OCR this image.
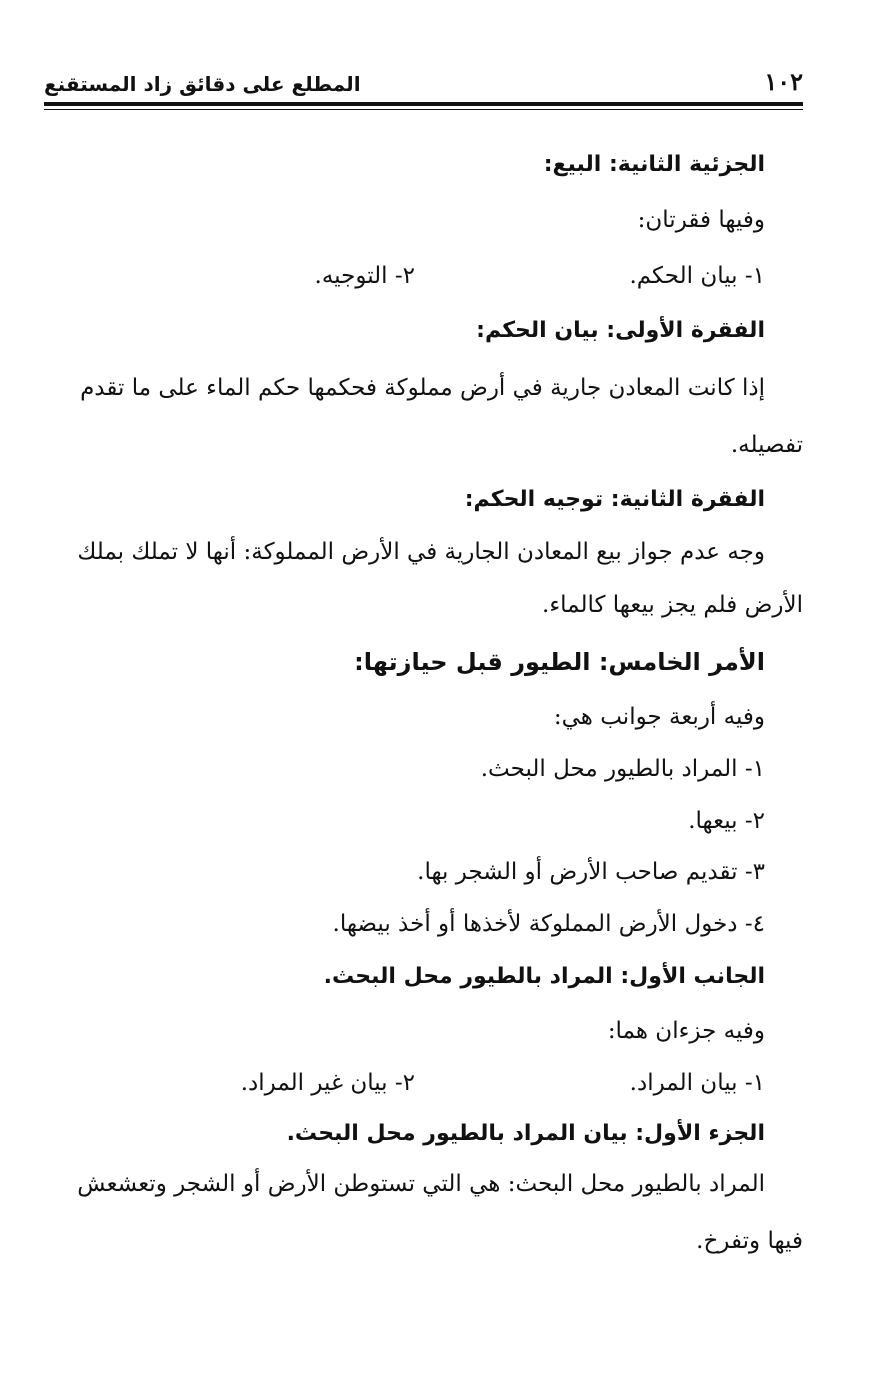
١٠٢
المطلع على دقائق زاد المستقنع
الجزئية الثانية: البيع:
وفيها فقرتان:
١- بيان الحكم.
٢- التوجيه.
الفقرة الأولى: بيان الحكم:
إذا كانت المعادن جارية في أرض مملوكة فحكمها حكم الماء على ما تقدم
تفصيله.
الفقرة الثانية: توجيه الحكم:
وجه عدم جواز بيع المعادن الجارية في الأرض المملوكة: أنها لا تملك بملك
الأرض فلم يجز بيعها كالماء.
الأمر الخامس: الطيور قبل حيازتها:
وفيه أربعة جوانب هي:
١- المراد بالطيور محل البحث.
٢- بيعها.
٣- تقديم صاحب الأرض أو الشجر بها.
٤- دخول الأرض المملوكة لأخذها أو أخذ بيضها.
الجانب الأول: المراد بالطيور محل البحث.
وفيه جزءان هما:
١- بيان المراد.
٢- بيان غير المراد.
الجزء الأول: بيان المراد بالطيور محل البحث.
المراد بالطيور محل البحث: هي التي تستوطن الأرض أو الشجر وتعشعش
فيها وتفرخ.
